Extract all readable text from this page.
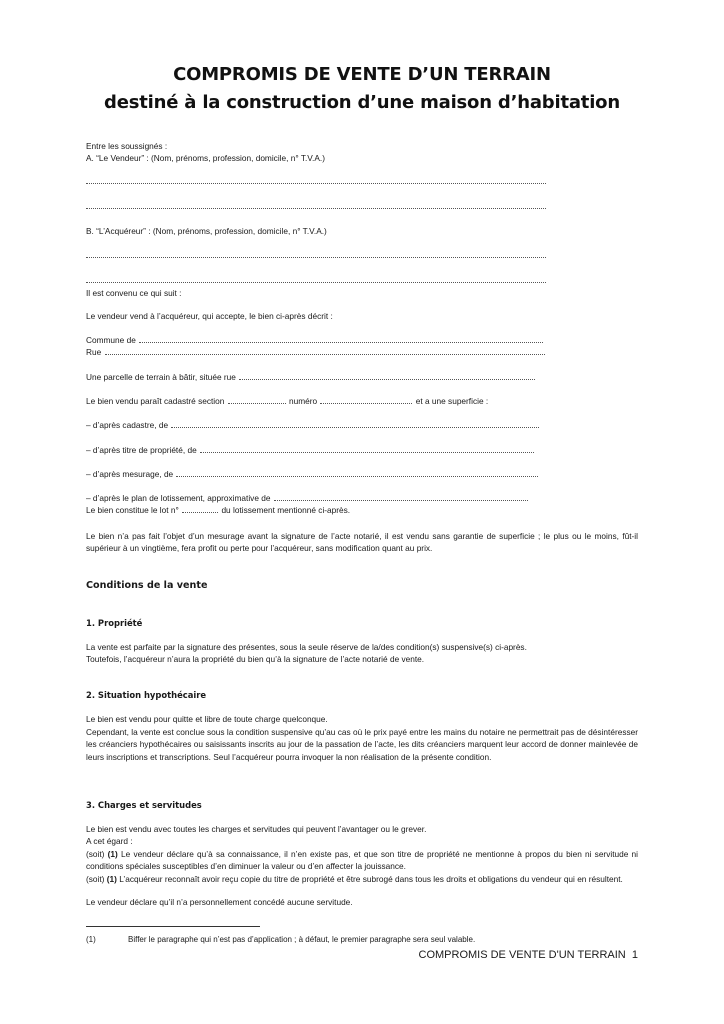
COMPROMIS DE VENTE D’UN TERRAIN
destiné à la construction d’une maison d’habitation

Entre les soussignés :

A. “Le Vendeur” : (Nom, prénoms, profession, domicile, n° T.V.A.)

B. “L’Acquéreur” : (Nom, prénoms, profession, domicile, n° T.V.A.)

Il est convenu ce qui suit :

Le vendeur vend à l’acquéreur, qui accepte, le bien ci-après décrit :

Commune de

Rue

Une parcelle de terrain à bâtir, située rue

Le bien vendu paraît cadastré section	numéro	et a une superficie :

– d’après cadastre, de

– d’après titre de propriété, de

– d’après mesurage, de

– d’après le plan de lotissement, approximative de

Le bien constitue le lot n°	du lotissement mentionné ci-après.

Le bien n’a pas fait l’objet d’un mesurage avant la signature de l’acte notarié, il est vendu sans garantie de superficie ; le plus ou le moins, fût-il supérieur à un vingtième, fera profit ou perte pour l’acquéreur, sans modification quant au prix.

Conditions de la vente
1. Propriété

La vente est parfaite par la signature des présentes, sous la seule réserve de la/des condition(s) suspensive(s) ci-après.

Toutefois, l’acquéreur n’aura la propriété du bien qu’à la signature de l’acte notarié de vente.

2. Situation hypothécaire

Le bien est vendu pour quitte et libre de toute charge quelconque.

Cependant, la vente est conclue sous la condition suspensive qu’au cas où le prix payé entre les mains du notaire ne permettrait pas de désintéresser les créanciers hypothécaires ou saisissants inscrits au jour de la passation de l’acte, les dits créanciers marquent leur accord de donner mainlevée de leurs inscriptions et transcriptions. Seul l’acquéreur pourra invoquer la non réalisation de la présente condition.

3. Charges et servitudes

Le bien est vendu avec toutes les charges et servitudes qui peuvent l’avantager ou le grever.

A cet égard :

(soit) (1) Le vendeur déclare qu’à sa connaissance, il n’en existe pas, et que son titre de propriété ne mentionne à propos du bien ni servitude ni conditions spéciales susceptibles d’en diminuer la valeur ou d’en affecter la jouissance.

(soit) (1) L’acquéreur reconnaît avoir reçu copie du titre de propriété et être subrogé dans tous les droits et obligations du vendeur qui en résultent.

Le vendeur déclare qu’il n’a personnellement concédé aucune servitude.

(1)	Biffer le paragraphe qui n’est pas d’application ; à défaut, le premier paragraphe sera seul valable.

COMPROMIS DE VENTE D'UN TERRAIN 1
